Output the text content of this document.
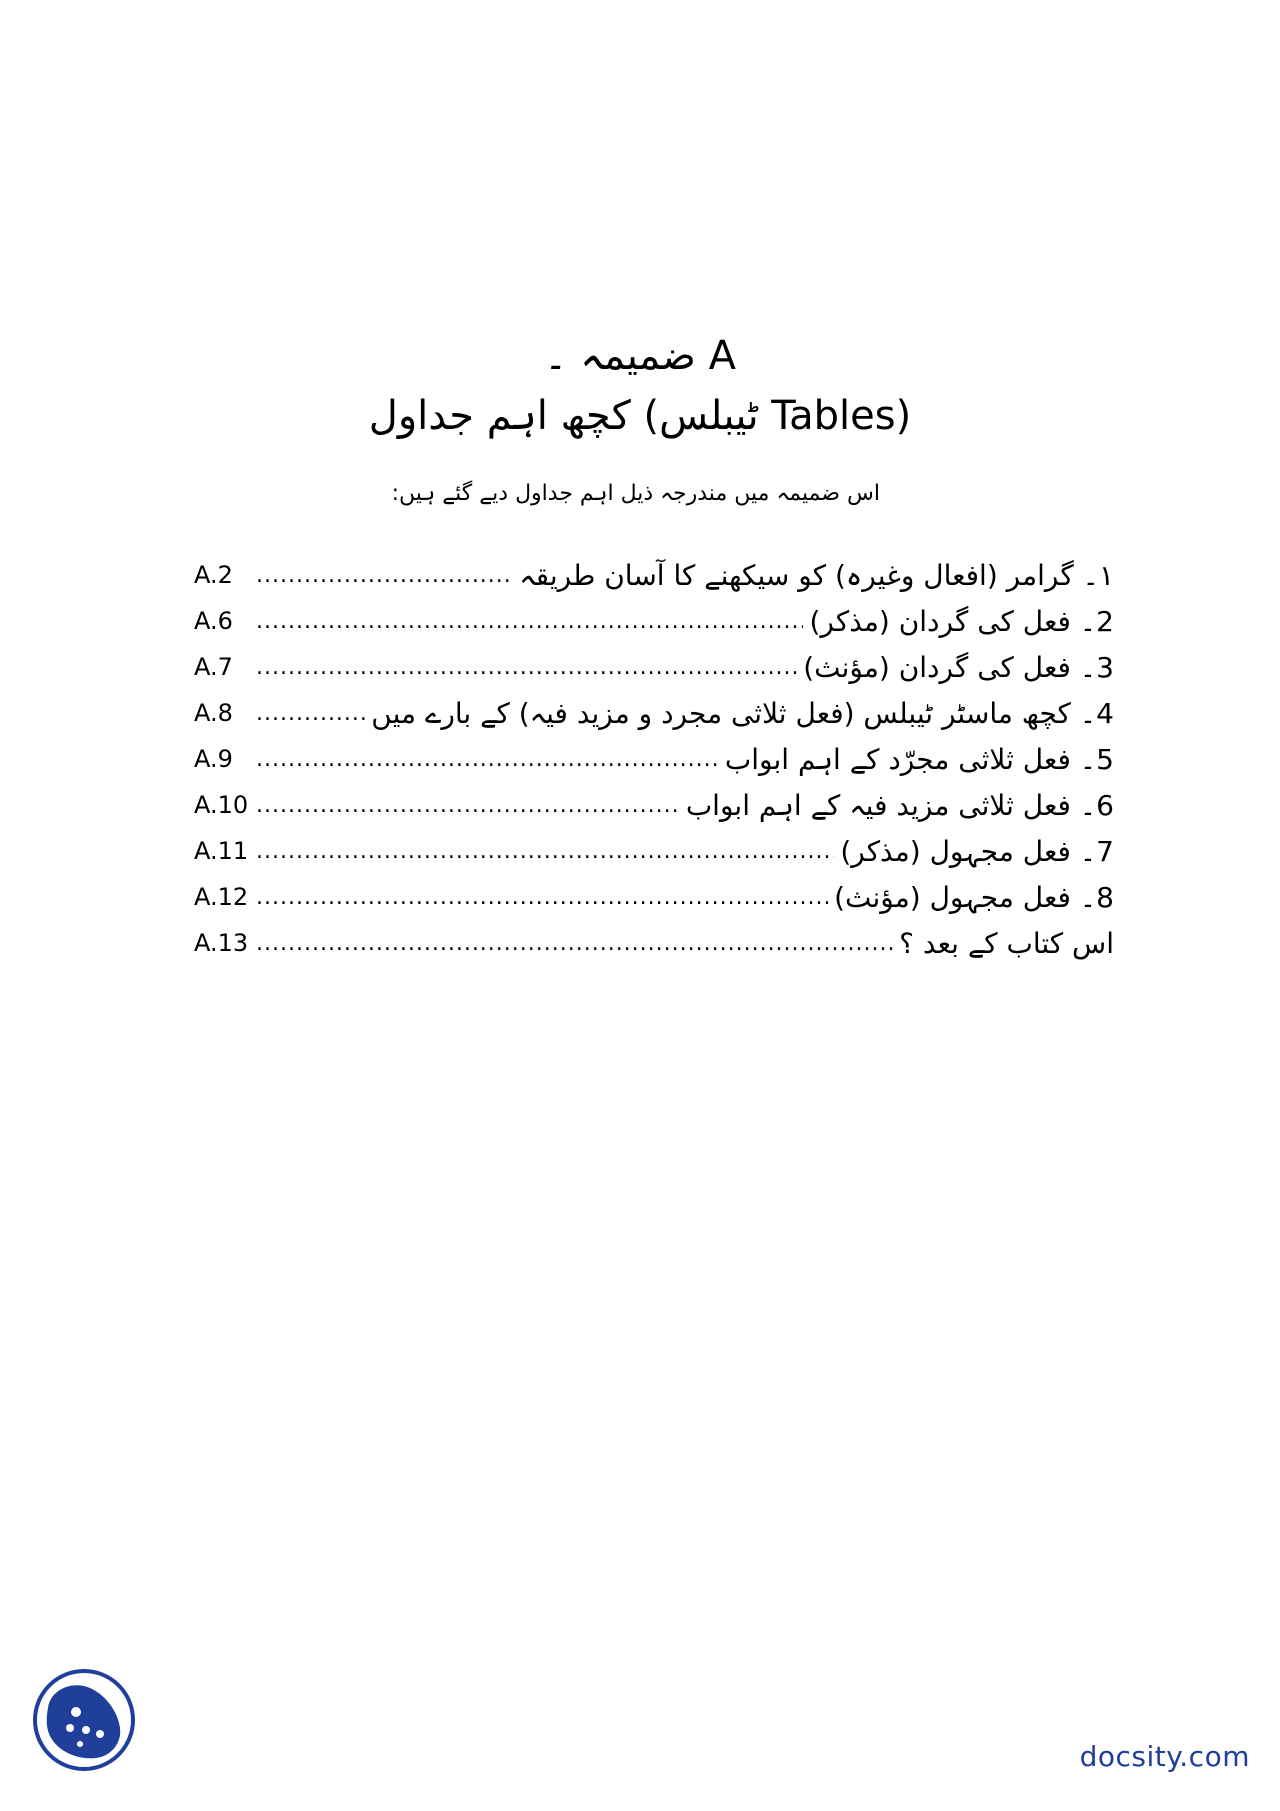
ضمیمہ ۔ A
کچھ اہم جداول (ٹیبلس Tables)
اس ضمیمہ میں مندرجہ ذیل اہم جداول دیے گئے ہیں:
A.2 .....	١۔ گرامر (افعال وغیرہ) کو سیکھنے کا آسان طریقہ
A.6 .....	2۔ فعل کی گردان (مذکر)
A.7 .....	3۔ فعل کی گردان (مؤنث)
A.8 .....	4۔ کچھ ماسٹر ٹیبلس (فعل ثلاثی مجرد و مزید فیہ) کے بارے میں
A.9 .....	5۔ فعل ثلاثی مجرّد کے اہم ابواب
A.10 .....	6۔ فعل ثلاثی مزید فیہ کے اہم ابواب
A.11 .....	7۔ فعل مجہول (مذکر)
A.12 .....	8۔ فعل مجہول (مؤنث)
A.13 .....	اس کتاب کے بعد ؟
docsity.com
